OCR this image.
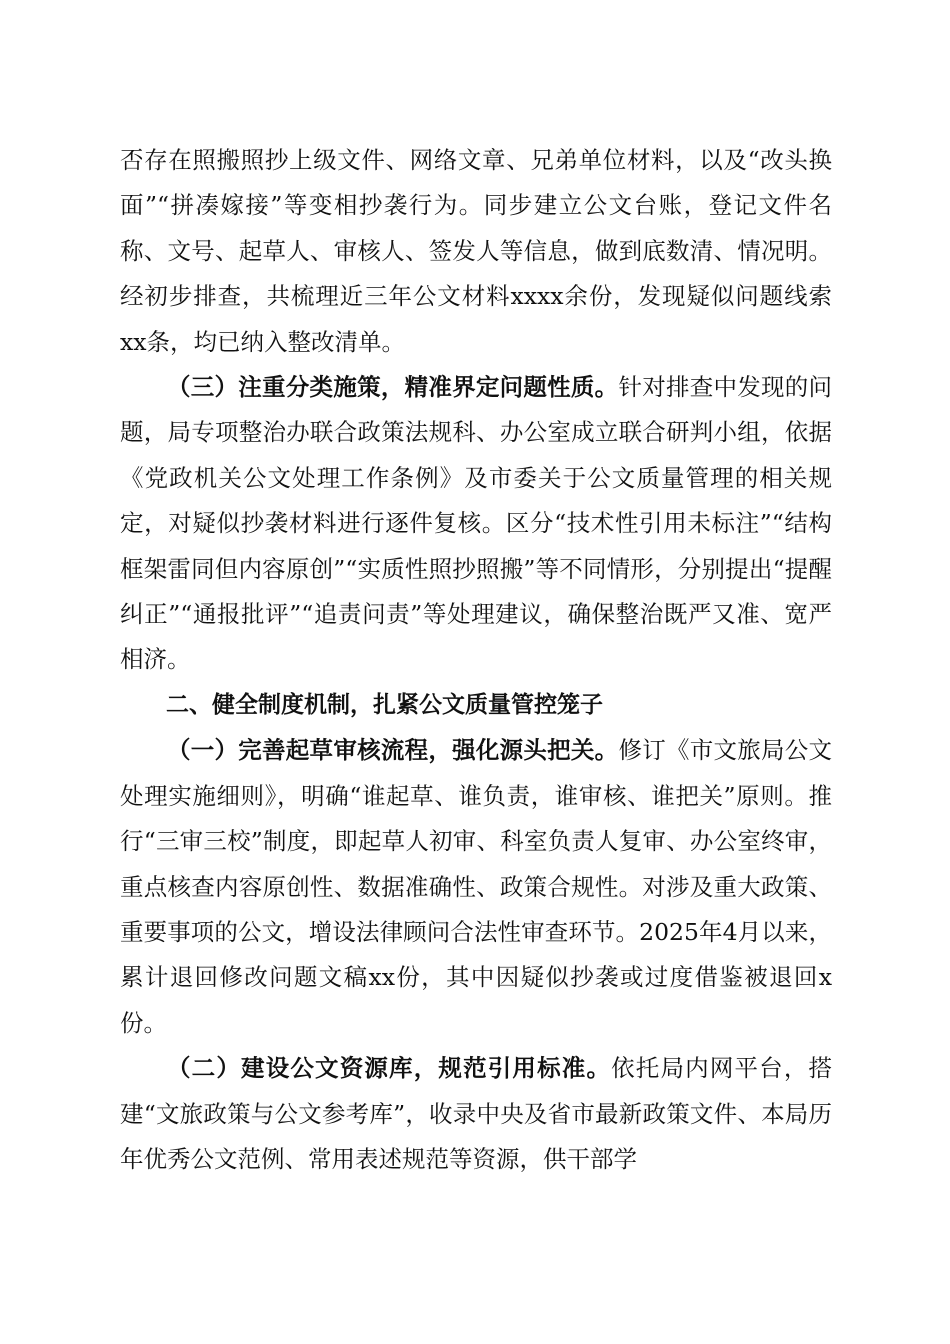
否存在照搬照抄上级文件、网络文章、兄弟单位材料，以及“改头换面”“拼凑嫁接”等变相抄袭行为。同步建立公文台账，登记文件名称、文号、起草人、审核人、签发人等信息，做到底数清、情况明。经初步排查，共梳理近三年公文材料xxxx余份，发现疑似问题线索xx条，均已纳入整改清单。

（三）注重分类施策，精准界定问题性质。针对排查中发现的问题，局专项整治办联合政策法规科、办公室成立联合研判小组，依据《党政机关公文处理工作条例》及市委关于公文质量管理的相关规定，对疑似抄袭材料进行逐件复核。区分“技术性引用未标注”“结构框架雷同但内容原创”“实质性照抄照搬”等不同情形，分别提出“提醒纠正”“通报批评”“追责问责”等处理建议，确保整治既严又准、宽严相济。

二、健全制度机制，扎紧公文质量管控笼子

（一）完善起草审核流程，强化源头把关。修订《市文旅局公文处理实施细则》，明确“谁起草、谁负责，谁审核、谁把关”原则。推行“三审三校”制度，即起草人初审、科室负责人复审、办公室终审，重点核查内容原创性、数据准确性、政策合规性。对涉及重大政策、重要事项的公文，增设法律顾问合法性审查环节。2025年4月以来，累计退回修改问题文稿xx份，其中因疑似抄袭或过度借鉴被退回x份。

（二）建设公文资源库，规范引用标准。依托局内网平台，搭建“文旅政策与公文参考库”，收录中央及省市最新政策文件、本局历年优秀公文范例、常用表述规范等资源，供干部学
